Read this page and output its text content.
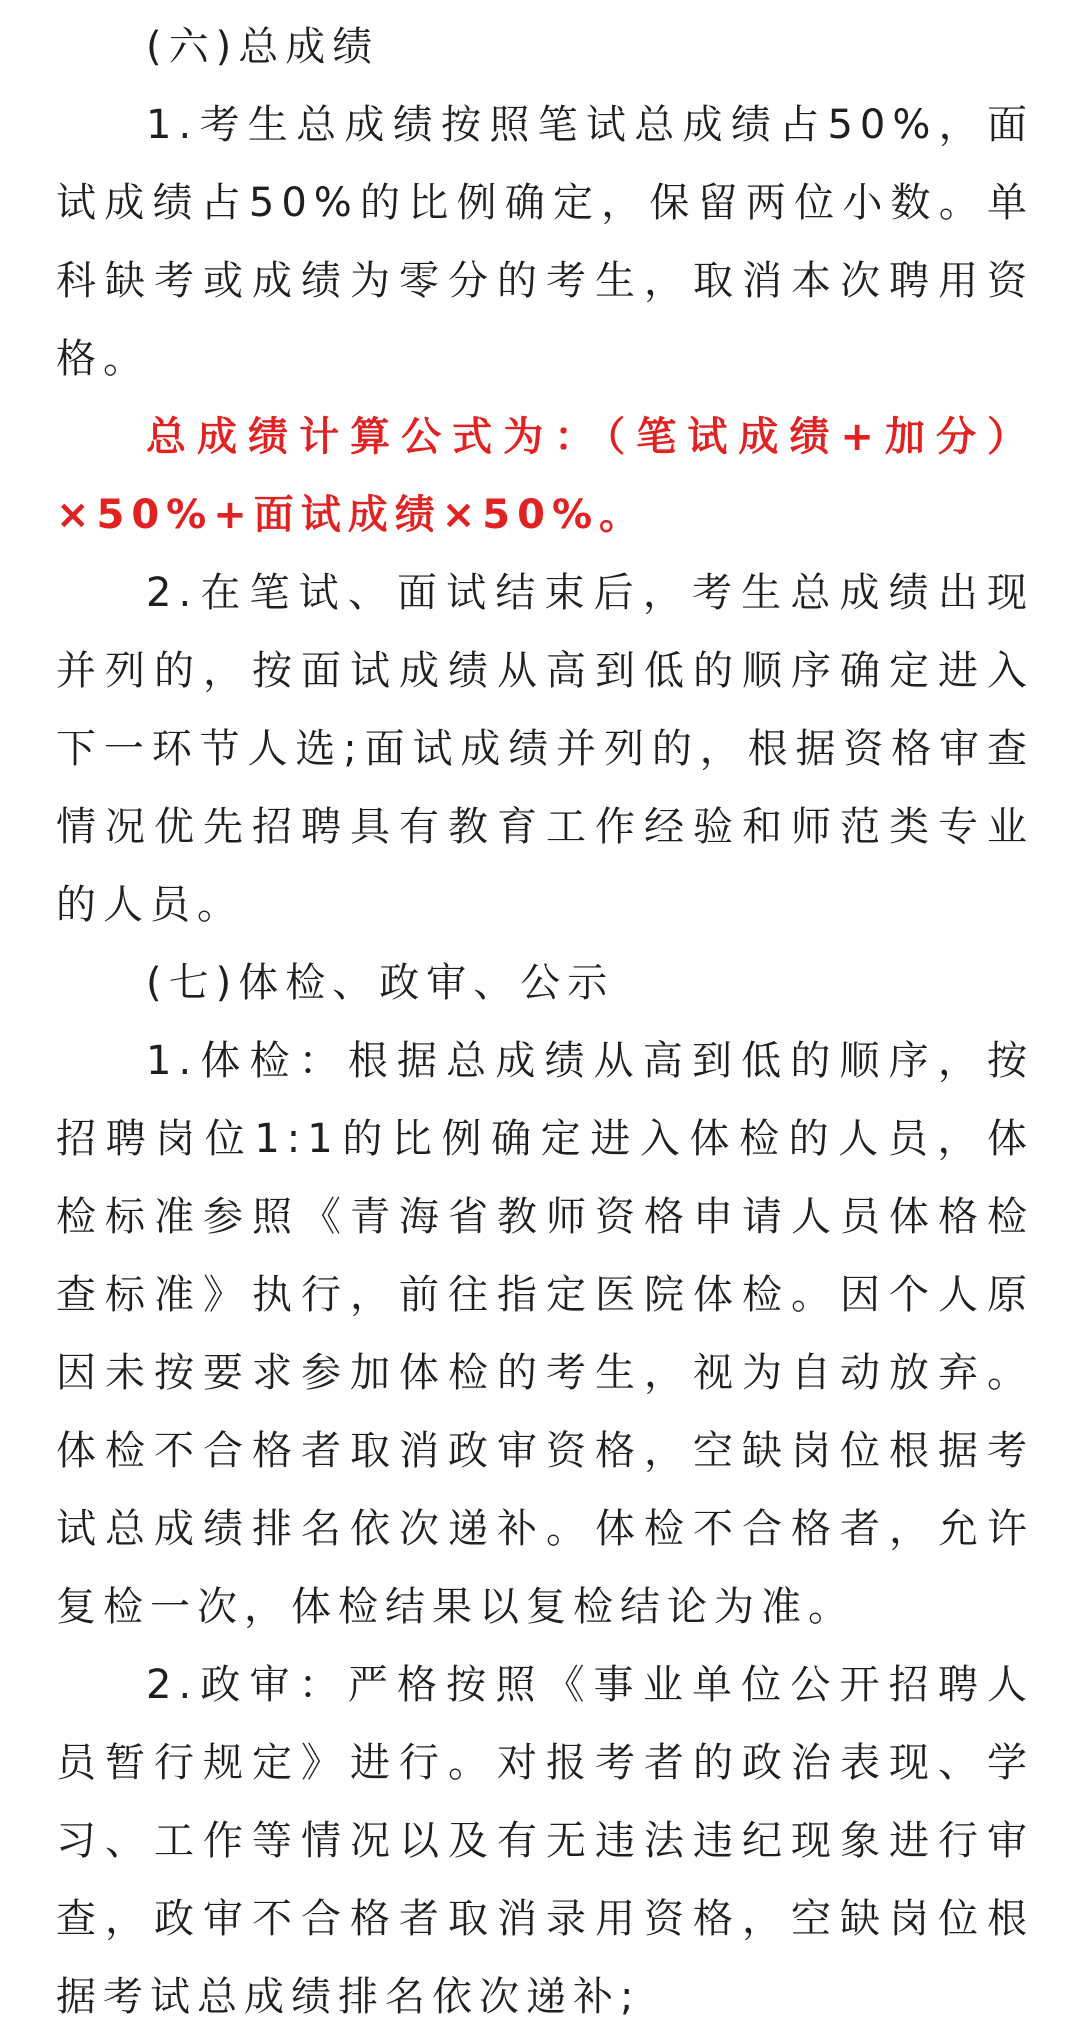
(六)总成绩

1.考生总成绩按照笔试总成绩占50%，面试成绩占50%的比例确定，保留两位小数。单科缺考或成绩为零分的考生，取消本次聘用资格。

总成绩计算公式为：（笔试成绩+加分）×50%+面试成绩×50%。

2.在笔试、面试结束后，考生总成绩出现并列的，按面试成绩从高到低的顺序确定进入下一环节人选;面试成绩并列的，根据资格审查情况优先招聘具有教育工作经验和师范类专业的人员。

(七)体检、政审、公示

1.体检：根据总成绩从高到低的顺序，按招聘岗位1:1的比例确定进入体检的人员，体检标准参照《青海省教师资格申请人员体格检查标准》执行，前往指定医院体检。因个人原因未按要求参加体检的考生，视为自动放弃。体检不合格者取消政审资格，空缺岗位根据考试总成绩排名依次递补。体检不合格者，允许复检一次，体检结果以复检结论为准。

2.政审：严格按照《事业单位公开招聘人员暂行规定》进行。对报考者的政治表现、学习、工作等情况以及有无违法违纪现象进行审查，政审不合格者取消录用资格，空缺岗位根据考试总成绩排名依次递补;
